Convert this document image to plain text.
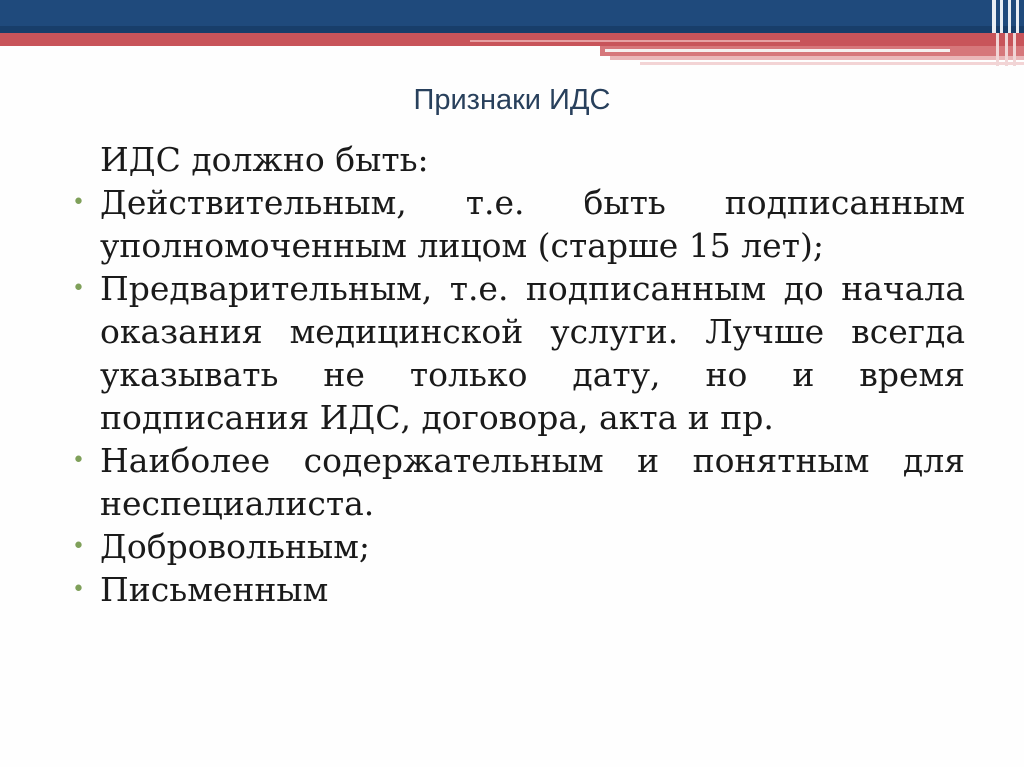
Признаки ИДС

ИДС должно быть:

• Действительным, т.е. быть подписанным уполномоченным лицом (старше 15 лет);
• Предварительным, т.е. подписанным до начала оказания медицинской услуги. Лучше всегда указывать не только дату, но и время подписания ИДС, договора, акта и пр.
• Наиболее содержательным и понятным для неспециалиста.
• Добровольным;
• Письменным
